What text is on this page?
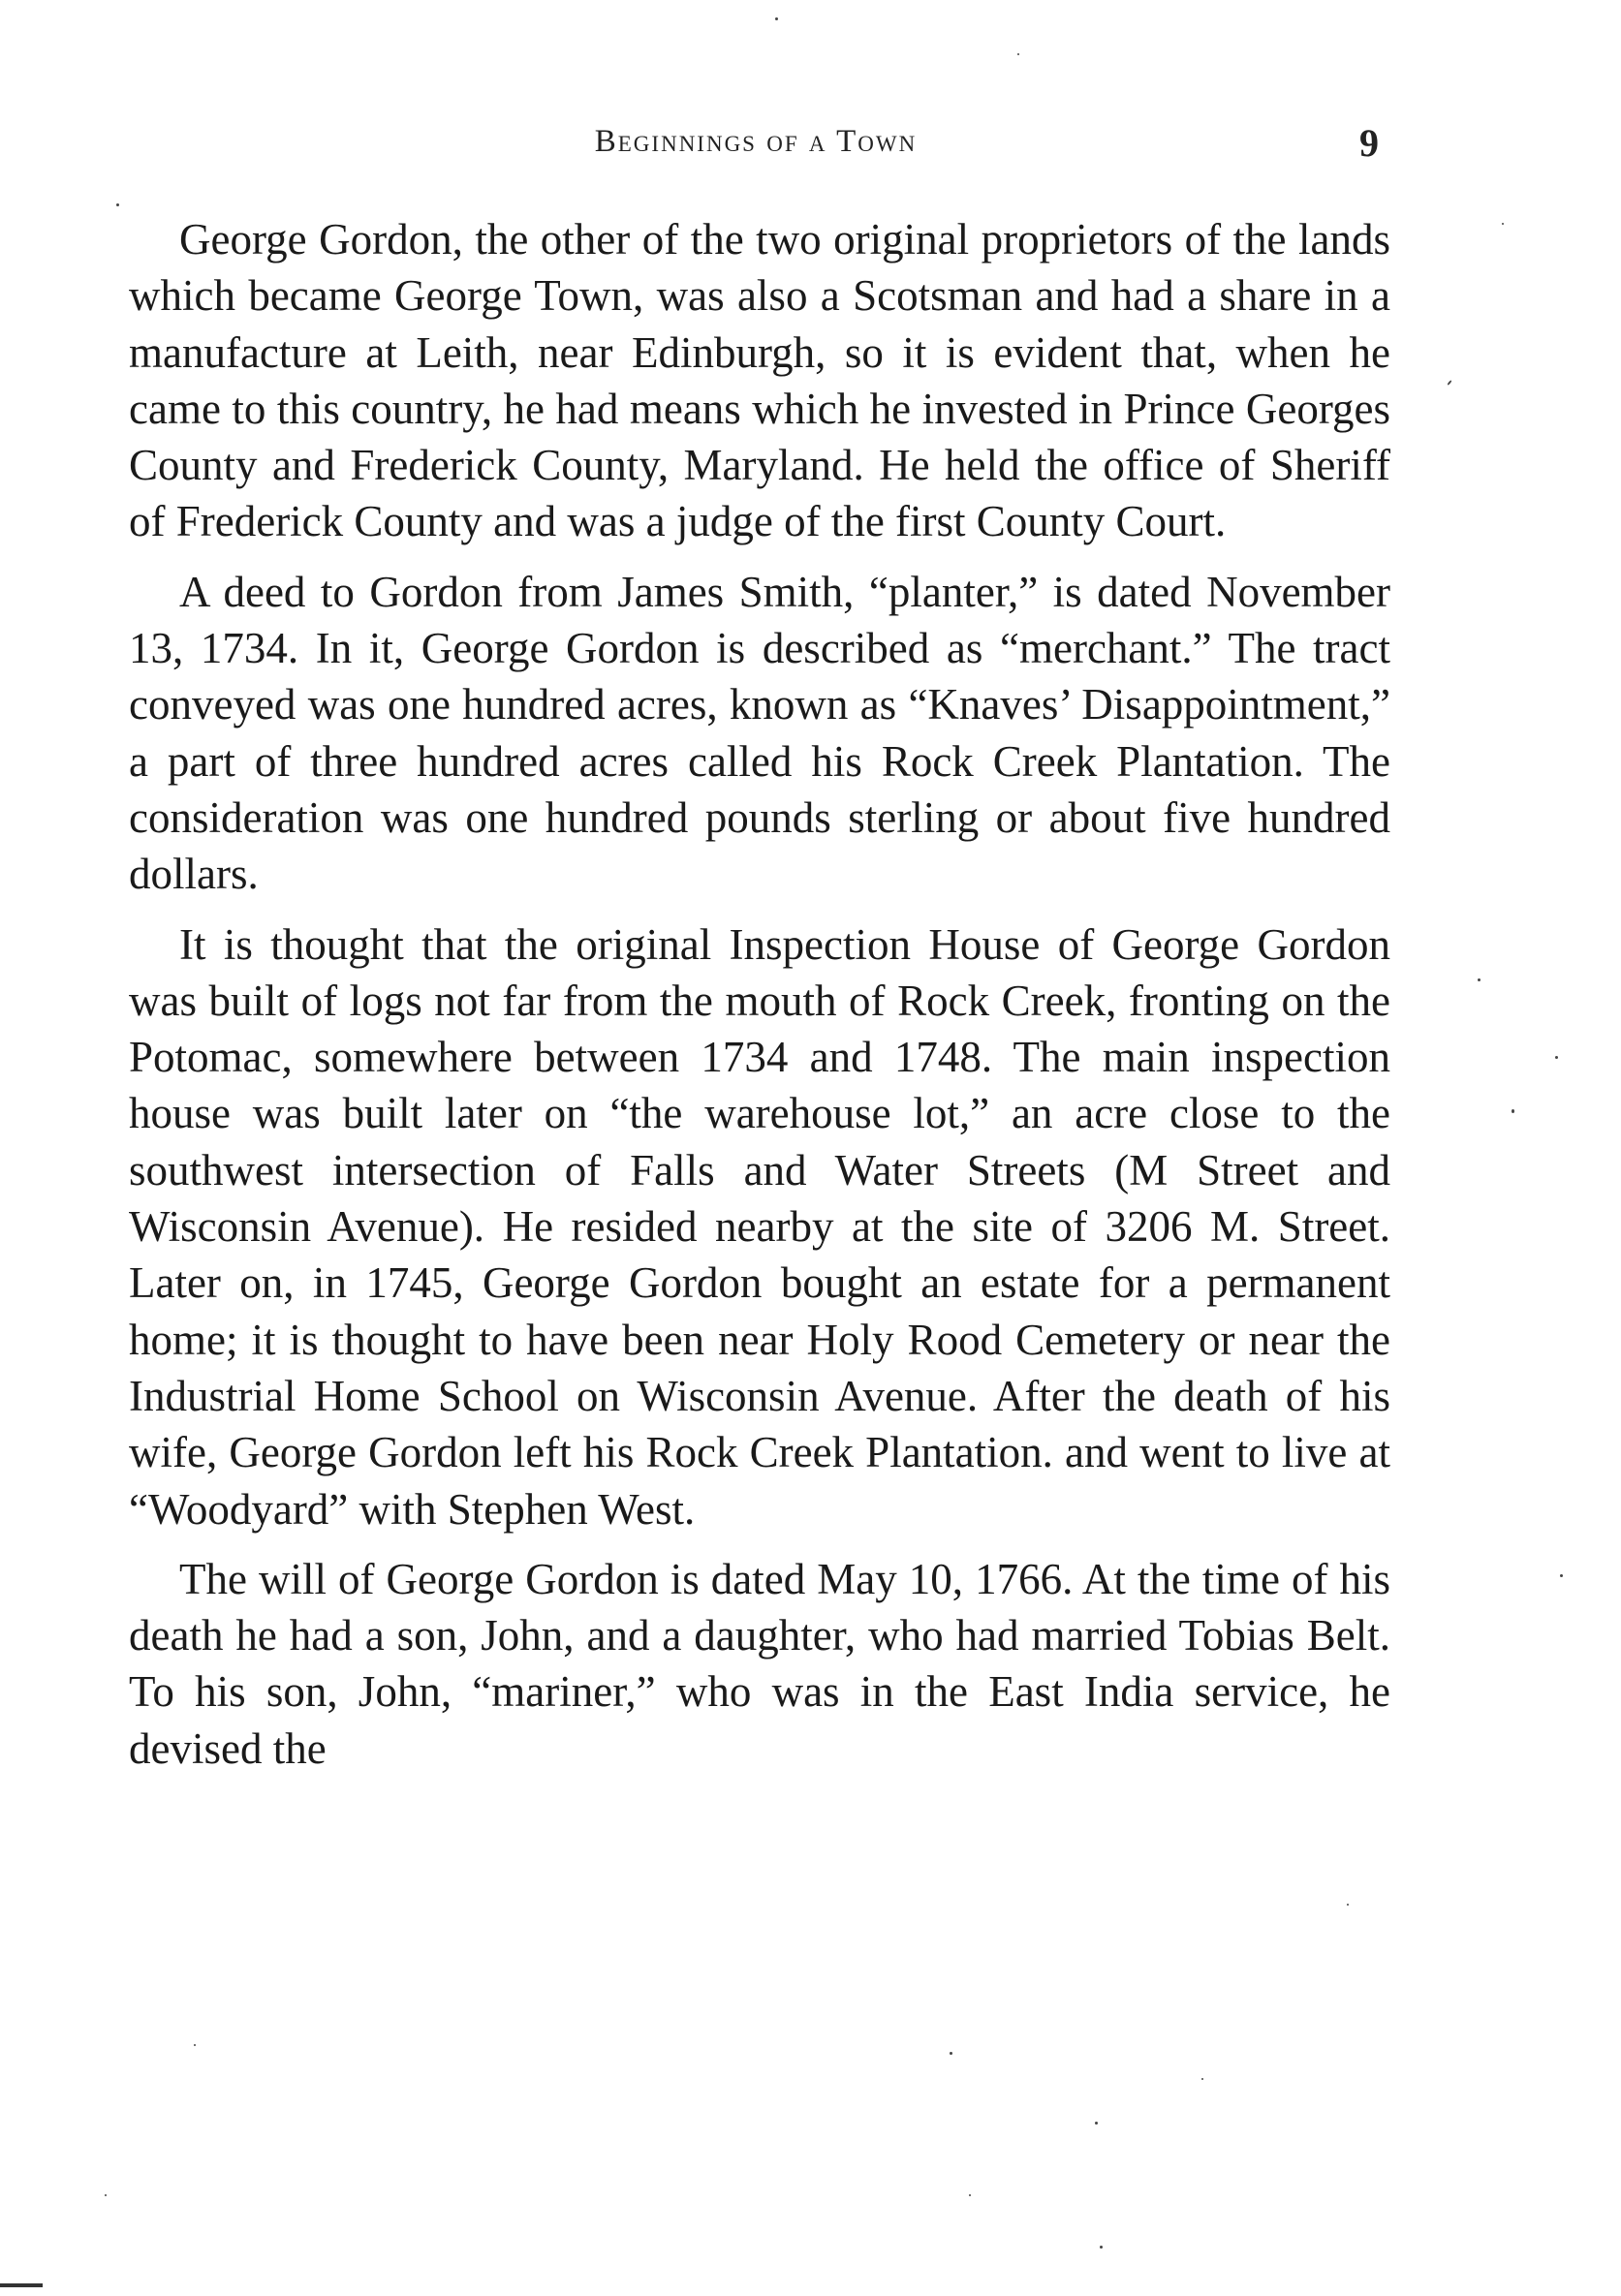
Beginnings of a Town	9

George Gordon, the other of the two original proprietors of the lands which became George Town, was also a Scotsman and had a share in a manufacture at Leith, near Edinburgh, so it is evident that, when he came to this country, he had means which he invested in Prince Georges County and Frederick County, Maryland. He held the office of Sheriff of Frederick County and was a judge of the first County Court.

A deed to Gordon from James Smith, “planter,” is dated November 13, 1734. In it, George Gordon is described as “merchant.” The tract conveyed was one hundred acres, known as “Knaves’ Disappointment,” a part of three hundred acres called his Rock Creek Plantation. The consideration was one hundred pounds sterling or about five hundred dollars.

It is thought that the original Inspection House of George Gordon was built of logs not far from the mouth of Rock Creek, fronting on the Potomac, somewhere between 1734 and 1748. The main inspection house was built later on “the warehouse lot,” an acre close to the southwest intersection of Falls and Water Streets (M Street and Wisconsin Avenue). He resided nearby at the site of 3206 M. Street. Later on, in 1745, George Gordon bought an estate for a permanent home; it is thought to have been near Holy Rood Cemetery or near the Industrial Home School on Wisconsin Avenue. After the death of his wife, George Gordon left his Rock Creek Plantation. and went to live at “Woodyard” with Stephen West.

The will of George Gordon is dated May 10, 1766. At the time of his death he had a son, John, and a daughter, who had married Tobias Belt. To his son, John, “mariner,” who was in the East India service, he devised the
